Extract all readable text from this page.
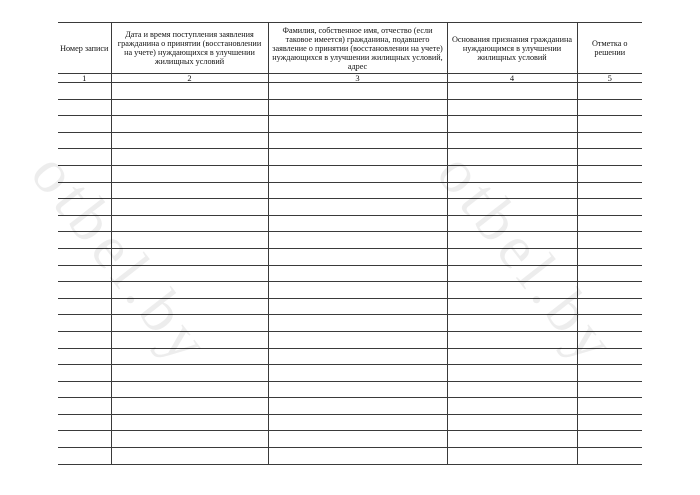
Номер записи	Дата и время поступления заявления гражданина о принятии (восстановлении на учете) нуждающихся в улучшении жилищных условий	Фамилия, собственное имя, отчество (если таковое имеется) гражданина, подавшего заявление о принятии (восстановлении на учете) нуждающихся в улучшении жилищных условий, адрес	Основания признания гражданина нуждающимся в улучшении жилищных условий	Отметка о решении

1	2	3	4	5

otbel.by	otbel.by
